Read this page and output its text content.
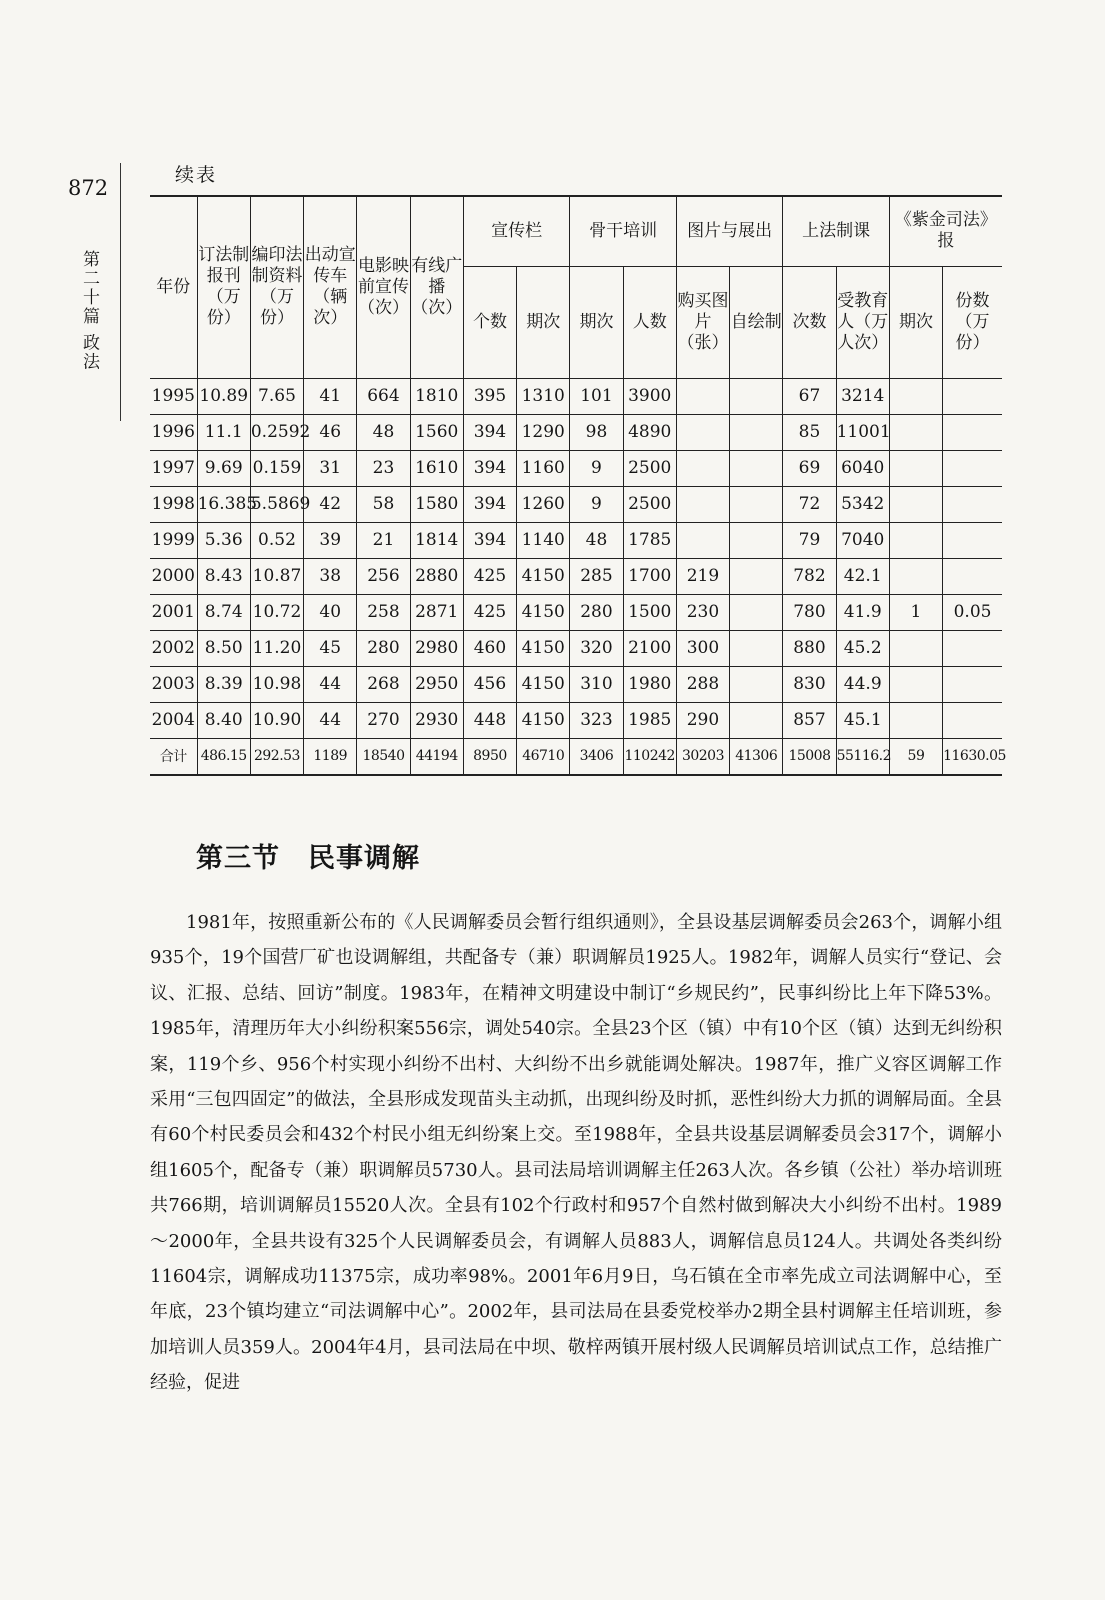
872
第二十篇 政法
续表
年份	订法制报刊（万份）	编印法制资料（万份）	出动宣传车（辆次）	电影映前宣传（次）	有线广播（次）	宣传栏		骨干培训		图片与展出		上法制课		《紫金司法》报	
						个数	期次	期次	人数	购买图片（张）	自绘制	次数	受教育人（万人次）	期次	份数（万份）
1995	10.89	7.65	41	664	1810	395	1310	101	3900			67	3214		
1996	11.1	0.2592	46	48	1560	394	1290	98	4890			85	11001		
1997	9.69	0.159	31	23	1610	394	1160	9	2500			69	6040		
1998	16.385	5.5869	42	58	1580	394	1260	9	2500			72	5342		
1999	5.36	0.52	39	21	1814	394	1140	48	1785			79	7040		
2000	8.43	10.87	38	256	2880	425	4150	285	1700	219		782	42.1		
2001	8.74	10.72	40	258	2871	425	4150	280	1500	230		780	41.9	1	0.05
2002	8.50	11.20	45	280	2980	460	4150	320	2100	300		880	45.2		
2003	8.39	10.98	44	268	2950	456	4150	310	1980	288		830	44.9		
2004	8.40	10.90	44	270	2930	448	4150	323	1985	290		857	45.1		
合计	486.15	292.53	1189	18540	44194	8950	46710	3406	110242	30203	41306	15008	55116.2	59	11630.05
第三节　民事调解

1981年，按照重新公布的《人民调解委员会暂行组织通则》，全县设基层调解委员会263个，调解小组935个，19个国营厂矿也设调解组，共配备专（兼）职调解员1925人。1982年，调解人员实行“登记、会议、汇报、总结、回访”制度。1983年，在精神文明建设中制订“乡规民约”，民事纠纷比上年下降53%。1985年，清理历年大小纠纷积案556宗，调处540宗。全县23个区（镇）中有10个区（镇）达到无纠纷积案，119个乡、956个村实现小纠纷不出村、大纠纷不出乡就能调处解决。1987年，推广义容区调解工作采用“三包四固定”的做法，全县形成发现苗头主动抓，出现纠纷及时抓，恶性纠纷大力抓的调解局面。全县有60个村民委员会和432个村民小组无纠纷案上交。至1988年，全县共设基层调解委员会317个，调解小组1605个，配备专（兼）职调解员5730人。县司法局培训调解主任263人次。各乡镇（公社）举办培训班共766期，培训调解员15520人次。全县有102个行政村和957个自然村做到解决大小纠纷不出村。1989～2000年，全县共设有325个人民调解委员会，有调解人员883人，调解信息员124人。共调处各类纠纷11604宗，调解成功11375宗，成功率98%。2001年6月9日，乌石镇在全市率先成立司法调解中心，至年底，23个镇均建立“司法调解中心”。2002年，县司法局在县委党校举办2期全县村调解主任培训班，参加培训人员359人。2004年4月，县司法局在中坝、敬梓两镇开展村级人民调解员培训试点工作，总结推广经验，促进
